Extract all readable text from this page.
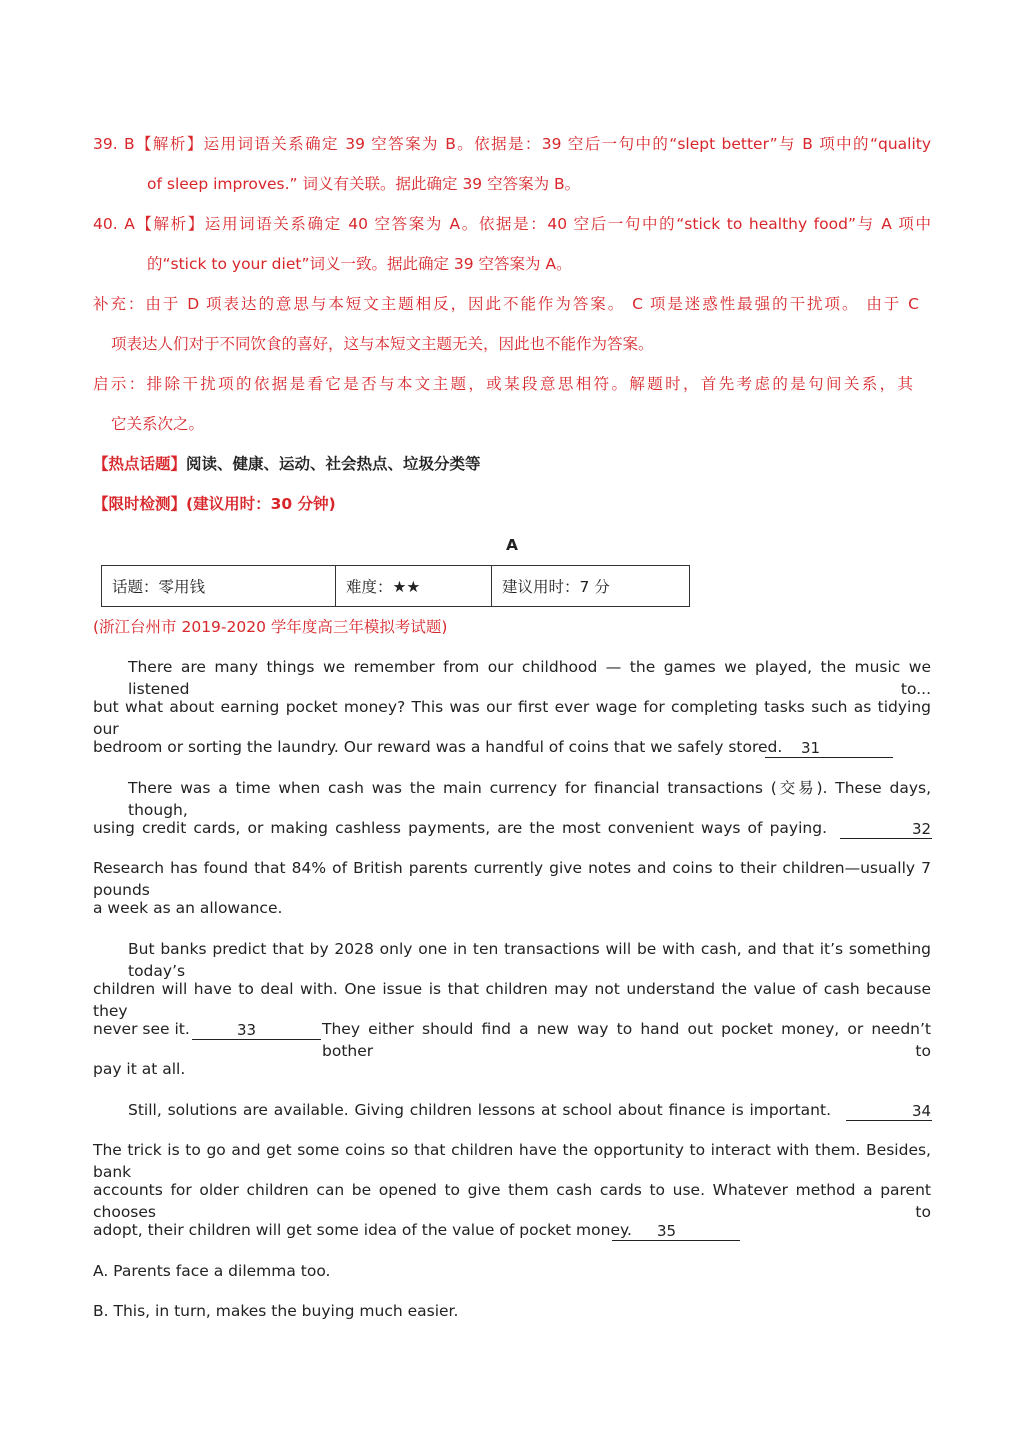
39. B【解析】运用词语关系确定 39 空答案为 B。依据是：39 空后一句中的“slept better”与 B 项中的“quality
of sleep improves.” 词义有关联。据此确定 39 空答案为 B。
40. A【解析】运用词语关系确定 40 空答案为 A。依据是：40 空后一句中的“stick to healthy food”与 A 项中
的“stick to your diet”词义一致。据此确定 39 空答案为 A。
补充：由于 D 项表达的意思与本短文主题相反，因此不能作为答案。 C 项是迷惑性最强的干扰项。 由于 C
项表达人们对于不同饮食的喜好，这与本短文主题无关，因此也不能作为答案。
启示：排除干扰项的依据是看它是否与本文主题，或某段意思相符。解题时，首先考虑的是句间关系，其
它关系次之。
【热点话题】阅读、健康、运动、社会热点、垃圾分类等
【限时检测】(建议用时：30 分钟)
A
话题：零用钱	难度：★★	建议用时：7 分
(浙江台州市 2019-2020 学年度高三年模拟考试题)
There are many things we remember from our childhood — the games we played, the music we listened to...
but what about earning pocket money? This was our first ever wage for completing tasks such as tidying our
bedroom or sorting the laundry. Our reward was a handful of coins that we safely stored. 31
There was a time when cash was the main currency for financial transactions (交易). These days, though,
using credit cards, or making cashless payments, are the most convenient ways of paying.	32
Research has found that 84% of British parents currently give notes and coins to their children—usually 7 pounds
a week as an allowance.
But banks predict that by 2028 only one in ten transactions will be with cash, and that it’s something today’s
children will have to deal with. One issue is that children may not understand the value of cash because they
never see it.	33	They either should find a new way to hand out pocket money, or needn’t bother to
pay it at all.
Still, solutions are available. Giving children lessons at school about finance is important.	34
The trick is to go and get some coins so that children have the opportunity to interact with them. Besides, bank
accounts for older children can be opened to give them cash cards to use. Whatever method a parent chooses to
adopt, their children will get some idea of the value of pocket money. 35
A. Parents face a dilemma too.
B. This, in turn, makes the buying much easier.
